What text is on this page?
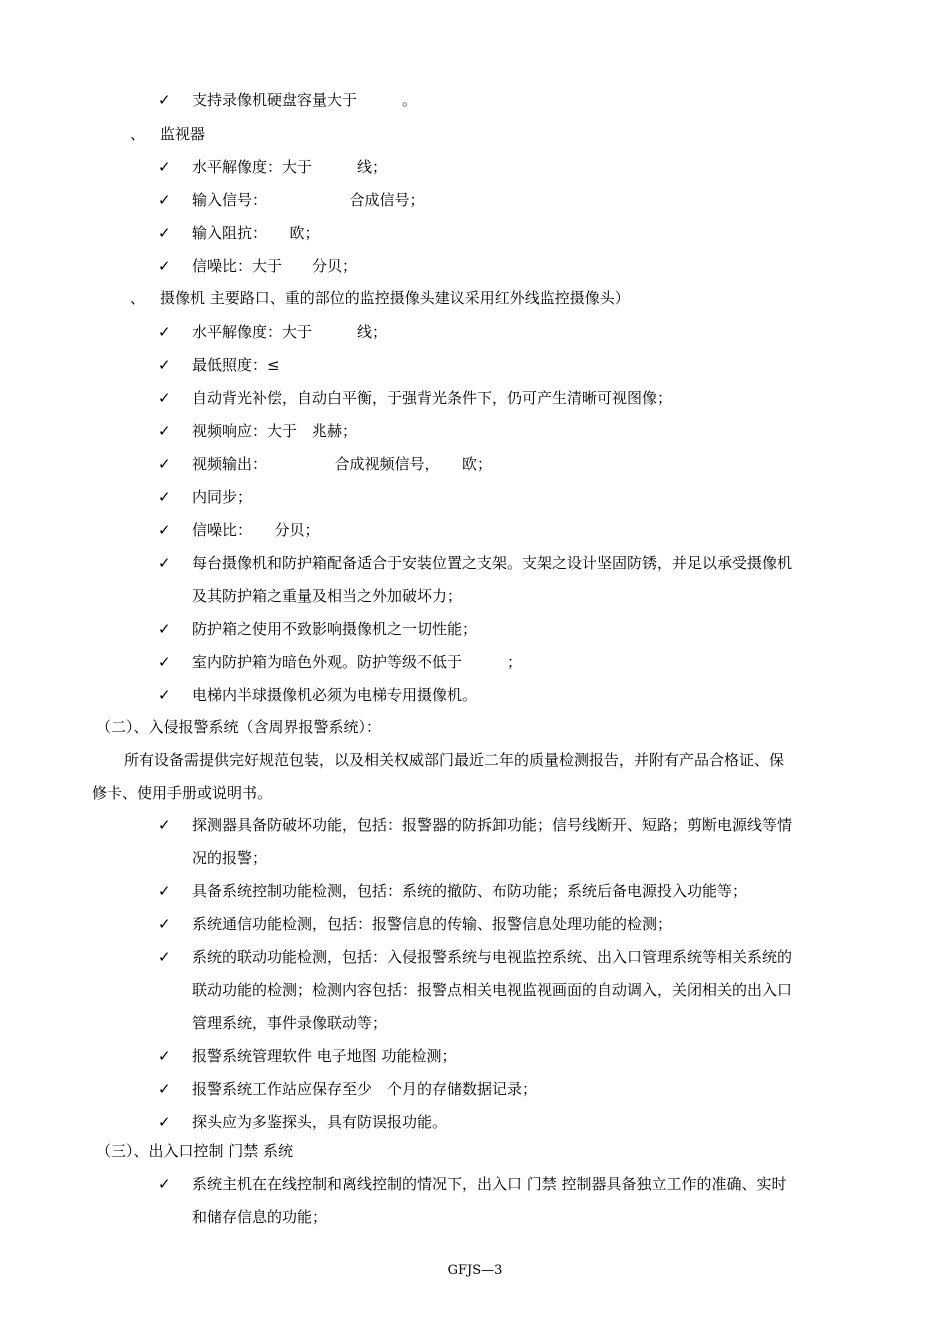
✓ 支持录像机硬盘容量大于　　　。
、 监视器
✓ 水平解像度：大于　　　线；
✓ 输入信号：　　　　　　合成信号；
✓ 输入阻抗：　　欧；
✓ 信噪比：大于　　分贝；
、 摄像机 主要路口、重的部位的监控摄像头建议采用红外线监控摄像头）
✓ 水平解像度：大于　　　线；
✓ 最低照度：≤
✓ 自动背光补偿，自动白平衡，于强背光条件下，仍可产生清晰可视图像；
✓ 视频响应：大于　兆赫；
✓ 视频输出：　　　　　合成视频信号，　　欧；
✓ 内同步；
✓ 信噪比：　　分贝；
✓ 每台摄像机和防护箱配备适合于安装位置之支架。支架之设计坚固防锈，并足以承受摄像机
及其防护箱之重量及相当之外加破坏力；
✓ 防护箱之使用不致影响摄像机之一切性能；
✓ 室内防护箱为暗色外观。防护等级不低于　　　；
✓ 电梯内半球摄像机必须为电梯专用摄像机。
（二）、入侵报警系统（含周界报警系统）：
所有设备需提供完好规范包装，以及相关权威部门最近二年的质量检测报告，并附有产品合格证、保
修卡、使用手册或说明书。
✓ 探测器具备防破坏功能，包括：报警器的防拆卸功能；信号线断开、短路；剪断电源线等情
况的报警；
✓ 具备系统控制功能检测，包括：系统的撤防、布防功能；系统后备电源投入功能等；
✓ 系统通信功能检测，包括：报警信息的传输、报警信息处理功能的检测；
✓ 系统的联动功能检测，包括：入侵报警系统与电视监控系统、出入口管理系统等相关系统的
联动功能的检测；检测内容包括：报警点相关电视监视画面的自动调入，关闭相关的出入口
管理系统，事件录像联动等；
✓ 报警系统管理软件 电子地图 功能检测；
✓ 报警系统工作站应保存至少　个月的存储数据记录；
✓ 探头应为多鉴探头，具有防误报功能。
（三）、出入口控制 门禁 系统
✓ 系统主机在在线控制和离线控制的情况下，出入口 门禁 控制器具备独立工作的准确、实时
和储存信息的功能；
GFJS—3
